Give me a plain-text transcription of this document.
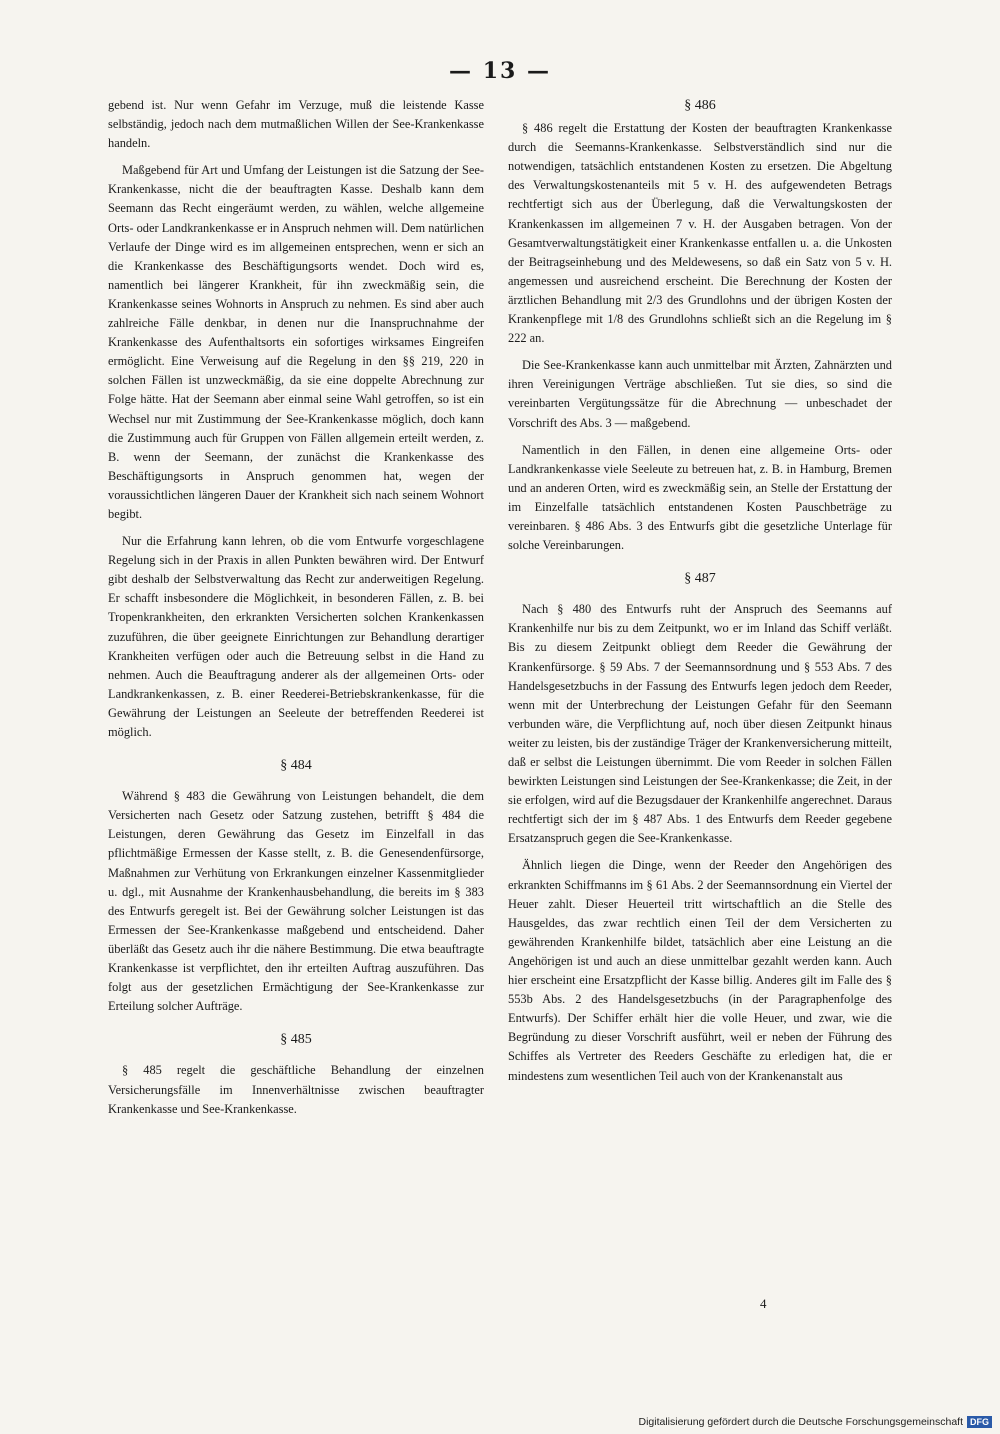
— 13 —

gebend ist. Nur wenn Gefahr im Verzuge, muß die leistende Kasse selbständig, jedoch nach dem mutmaßlichen Willen der See-Krankenkasse handeln.

Maßgebend für Art und Umfang der Leistungen ist die Satzung der See-Krankenkasse, nicht die der beauftragten Kasse. Deshalb kann dem Seemann das Recht eingeräumt werden, zu wählen, welche allgemeine Orts- oder Landkrankenkasse er in Anspruch nehmen will. Dem natürlichen Verlaufe der Dinge wird es im allgemeinen entsprechen, wenn er sich an die Krankenkasse des Beschäftigungsorts wendet. Doch wird es, namentlich bei längerer Krankheit, für ihn zweckmäßig sein, die Krankenkasse seines Wohnorts in Anspruch zu nehmen. Es sind aber auch zahlreiche Fälle denkbar, in denen nur die Inanspruchnahme der Krankenkasse des Aufenthaltsorts ein sofortiges wirksames Eingreifen ermöglicht. Eine Verweisung auf die Regelung in den §§ 219, 220 in solchen Fällen ist unzweckmäßig, da sie eine doppelte Abrechnung zur Folge hätte. Hat der Seemann aber einmal seine Wahl getroffen, so ist ein Wechsel nur mit Zustimmung der See-Krankenkasse möglich, doch kann die Zustimmung auch für Gruppen von Fällen allgemein erteilt werden, z. B. wenn der Seemann, der zunächst die Krankenkasse des Beschäftigungsorts in Anspruch genommen hat, wegen der voraussichtlichen längeren Dauer der Krankheit sich nach seinem Wohnort begibt.

Nur die Erfahrung kann lehren, ob die vom Entwurfe vorgeschlagene Regelung sich in der Praxis in allen Punkten bewähren wird. Der Entwurf gibt deshalb der Selbstverwaltung das Recht zur anderweitigen Regelung. Er schafft insbesondere die Möglichkeit, in besonderen Fällen, z. B. bei Tropenkrankheiten, den erkrankten Versicherten solchen Krankenkassen zuzuführen, die über geeignete Einrichtungen zur Behandlung derartiger Krankheiten verfügen oder auch die Betreuung selbst in die Hand zu nehmen. Auch die Beauftragung anderer als der allgemeinen Orts- oder Landkrankenkassen, z. B. einer Reederei-Betriebskrankenkasse, für die Gewährung der Leistungen an Seeleute der betreffenden Reederei ist möglich.

§ 484

Während § 483 die Gewährung von Leistungen behandelt, die dem Versicherten nach Gesetz oder Satzung zustehen, betrifft § 484 die Leistungen, deren Gewährung das Gesetz im Einzelfall in das pflichtmäßige Ermessen der Kasse stellt, z. B. die Genesendenfürsorge, Maßnahmen zur Verhütung von Erkrankungen einzelner Kassenmitglieder u. dgl., mit Ausnahme der Krankenhausbehandlung, die bereits im § 383 des Entwurfs geregelt ist. Bei der Gewährung solcher Leistungen ist das Ermessen der See-Krankenkasse maßgebend und entscheidend. Daher überläßt das Gesetz auch ihr die nähere Bestimmung. Die etwa beauftragte Krankenkasse ist verpflichtet, den ihr erteilten Auftrag auszuführen. Das folgt aus der gesetzlichen Ermächtigung der See-Krankenkasse zur Erteilung solcher Aufträge.

§ 485

§ 485 regelt die geschäftliche Behandlung der einzelnen Versicherungsfälle im Innenverhältnisse zwischen beauftragter Krankenkasse und See-Krankenkasse.

§ 486

§ 486 regelt die Erstattung der Kosten der beauftragten Krankenkasse durch die Seemanns-Krankenkasse. Selbstverständlich sind nur die notwendigen, tatsächlich entstandenen Kosten zu ersetzen. Die Abgeltung des Verwaltungskostenanteils mit 5 v. H. des aufgewendeten Betrags rechtfertigt sich aus der Überlegung, daß die Verwaltungskosten der Krankenkassen im allgemeinen 7 v. H. der Ausgaben betragen. Von der Gesamtverwaltungstätigkeit einer Krankenkasse entfallen u. a. die Unkosten der Beitragseinhebung und des Meldewesens, so daß ein Satz von 5 v. H. angemessen und ausreichend erscheint. Die Berechnung der Kosten der ärztlichen Behandlung mit 2/3 des Grundlohns und der übrigen Kosten der Krankenpflege mit 1/8 des Grundlohns schließt sich an die Regelung im § 222 an.

Die See-Krankenkasse kann auch unmittelbar mit Ärzten, Zahnärzten und ihren Vereinigungen Verträge abschließen. Tut sie dies, so sind die vereinbarten Vergütungssätze für die Abrechnung — unbeschadet der Vorschrift des Abs. 3 — maßgebend.

Namentlich in den Fällen, in denen eine allgemeine Orts- oder Landkrankenkasse viele Seeleute zu betreuen hat, z. B. in Hamburg, Bremen und an anderen Orten, wird es zweckmäßig sein, an Stelle der Erstattung der im Einzelfalle tatsächlich entstandenen Kosten Pauschbeträge zu vereinbaren. § 486 Abs. 3 des Entwurfs gibt die gesetzliche Unterlage für solche Vereinbarungen.

§ 487

Nach § 480 des Entwurfs ruht der Anspruch des Seemanns auf Krankenhilfe nur bis zu dem Zeitpunkt, wo er im Inland das Schiff verläßt. Bis zu diesem Zeitpunkt obliegt dem Reeder die Gewährung der Krankenfürsorge. § 59 Abs. 7 der Seemannsordnung und § 553 Abs. 7 des Handelsgesetzbuchs in der Fassung des Entwurfs legen jedoch dem Reeder, wenn mit der Unterbrechung der Leistungen Gefahr für den Seemann verbunden wäre, die Verpflichtung auf, noch über diesen Zeitpunkt hinaus weiter zu leisten, bis der zuständige Träger der Krankenversicherung mitteilt, daß er selbst die Leistungen übernimmt. Die vom Reeder in solchen Fällen bewirkten Leistungen sind Leistungen der See-Krankenkasse; die Zeit, in der sie erfolgen, wird auf die Bezugsdauer der Krankenhilfe angerechnet. Daraus rechtfertigt sich der im § 487 Abs. 1 des Entwurfs dem Reeder gegebene Ersatzanspruch gegen die See-Krankenkasse.

Ähnlich liegen die Dinge, wenn der Reeder den Angehörigen des erkrankten Schiffmanns im § 61 Abs. 2 der Seemannsordnung ein Viertel der Heuer zahlt. Dieser Heuerteil tritt wirtschaftlich an die Stelle des Hausgeldes, das zwar rechtlich einen Teil der dem Versicherten zu gewährenden Krankenhilfe bildet, tatsächlich aber eine Leistung an die Angehörigen ist und auch an diese unmittelbar gezahlt werden kann. Auch hier erscheint eine Ersatzpflicht der Kasse billig. Anderes gilt im Falle des § 553b Abs. 2 des Handelsgesetzbuchs (in der Paragraphenfolge des Entwurfs). Der Schiffer erhält hier die volle Heuer, und zwar, wie die Begründung zu dieser Vorschrift ausführt, weil er neben der Führung des Schiffes als Vertreter des Reeders Geschäfte zu erledigen hat, die er mindestens zum wesentlichen Teil auch von der Krankenanstalt aus

4
Digitalisierung gefördert durch die Deutsche Forschungsgemeinschaft DFG
